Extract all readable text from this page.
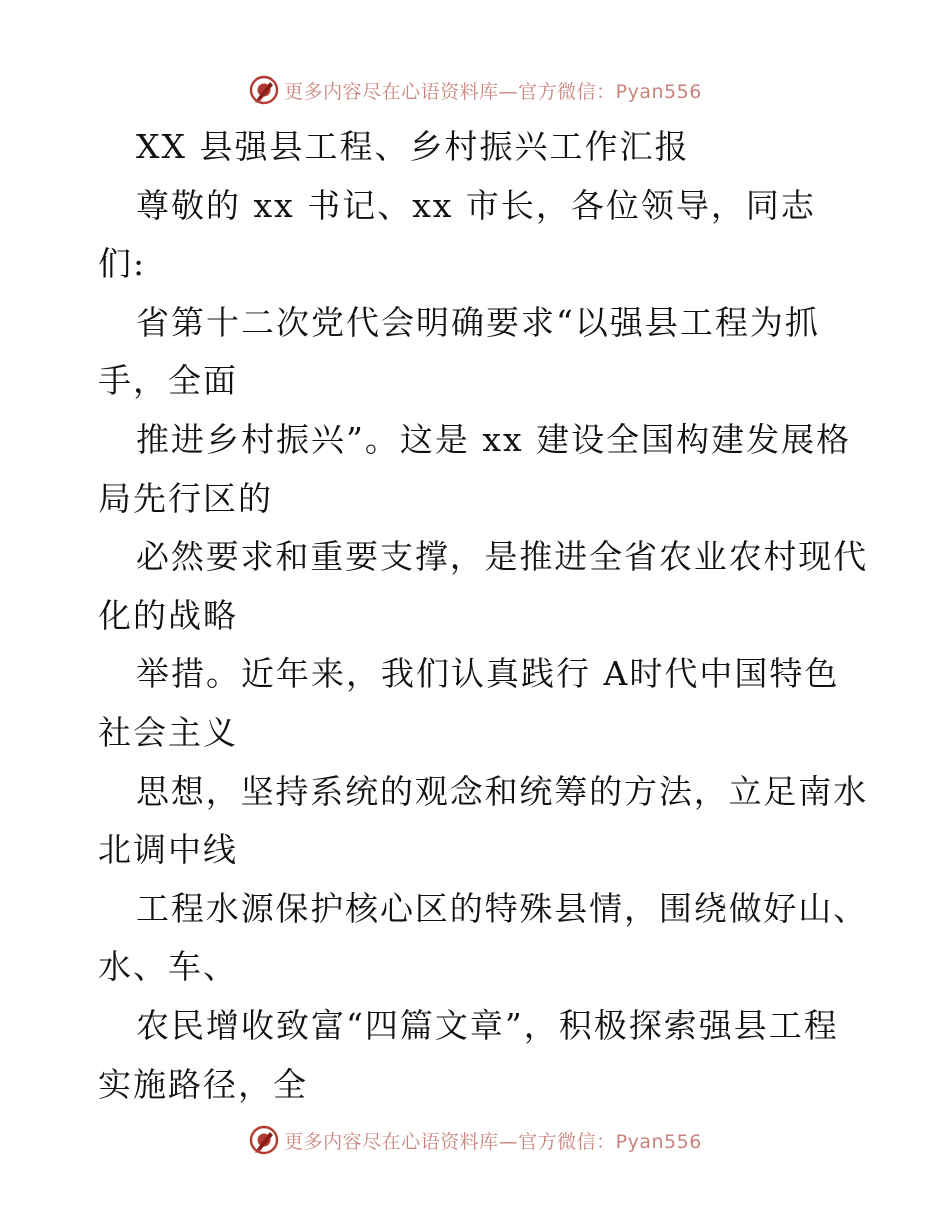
更多内容尽在心语资料库—官方微信：Pyan556
XX 县强县工程、乡村振兴工作汇报
尊敬的 xx 书记、xx 市长，各位领导，同志
们:
省第十二次党代会明确要求“以强县工程为抓
手，全面
推进乡村振兴”。这是 xx 建设全国构建发展格
局先行区的
必然要求和重要支撑，是推进全省农业农村现代
化的战略
举措。近年来，我们认真践行 A时代中国特色
社会主义
思想，坚持系统的观念和统筹的方法，立足南水
北调中线
工程水源保护核心区的特殊县情，围绕做好山、
水、车、
农民增收致富“四篇文章”，积极探索强县工程
实施路径，全
更多内容尽在心语资料库—官方微信：Pyan556
